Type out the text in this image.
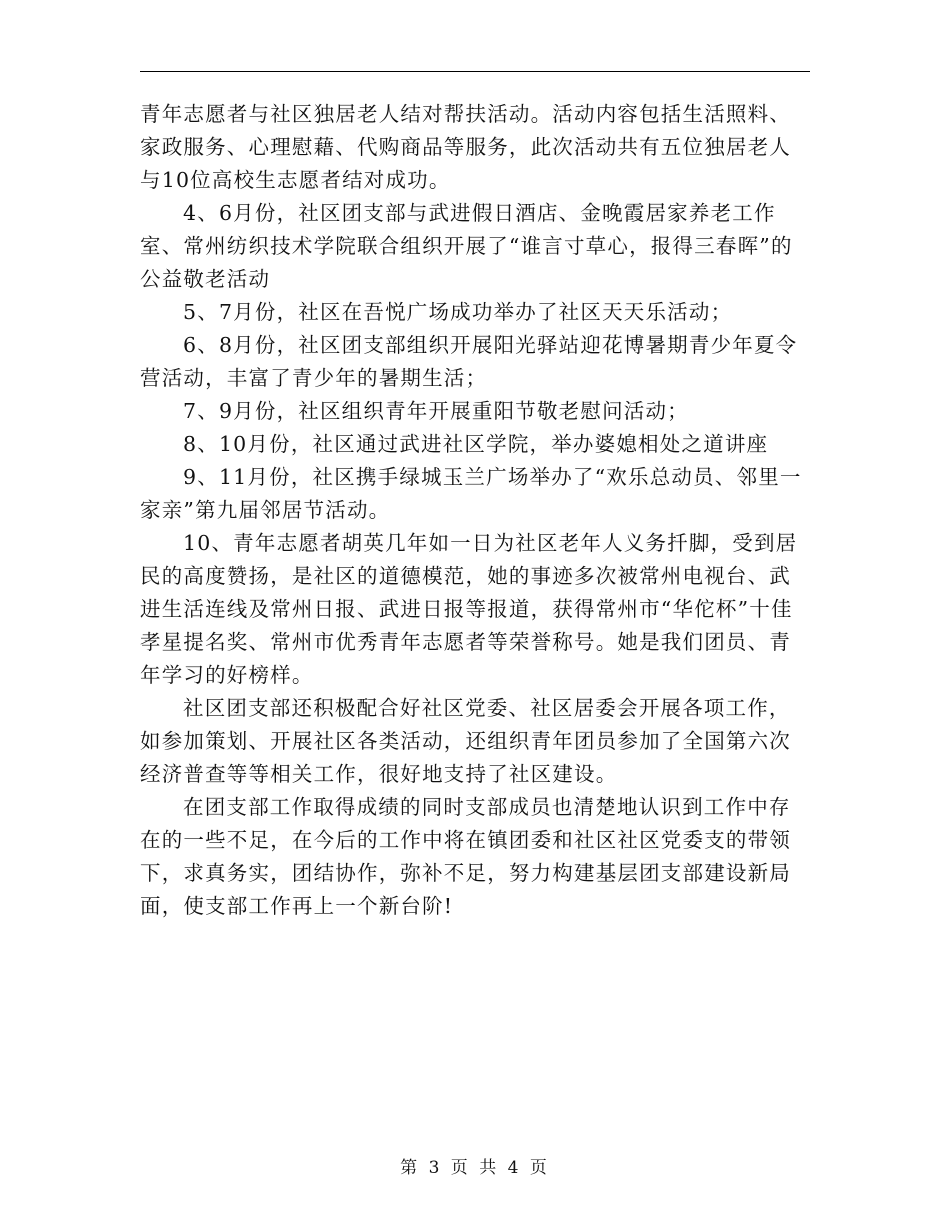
青年志愿者与社区独居老人结对帮扶活动。活动内容包括生活照料、家政服务、心理慰藉、代购商品等服务，此次活动共有五位独居老人与10位高校生志愿者结对成功。

4、6月份，社区团支部与武进假日酒店、金晚霞居家养老工作室、常州纺织技术学院联合组织开展了“谁言寸草心，报得三春晖”的公益敬老活动

5、7月份，社区在吾悦广场成功举办了社区天天乐活动；

6、8月份，社区团支部组织开展阳光驿站迎花博暑期青少年夏令营活动，丰富了青少年的暑期生活；

7、9月份，社区组织青年开展重阳节敬老慰问活动；

8、10月份，社区通过武进社区学院，举办婆媳相处之道讲座

9、11月份，社区携手绿城玉兰广场举办了“欢乐总动员、邻里一家亲”第九届邻居节活动。

10、青年志愿者胡英几年如一日为社区老年人义务扦脚，受到居民的高度赞扬，是社区的道德模范，她的事迹多次被常州电视台、武进生活连线及常州日报、武进日报等报道，获得常州市“华佗杯”十佳孝星提名奖、常州市优秀青年志愿者等荣誉称号。她是我们团员、青年学习的好榜样。

社区团支部还积极配合好社区党委、社区居委会开展各项工作，如参加策划、开展社区各类活动，还组织青年团员参加了全国第六次经济普查等等相关工作，很好地支持了社区建设。

在团支部工作取得成绩的同时支部成员也清楚地认识到工作中存在的一些不足，在今后的工作中将在镇团委和社区社区党委支的带领下，求真务实，团结协作，弥补不足，努力构建基层团支部建设新局面，使支部工作再上一个新台阶!

第 3 页 共 4 页
